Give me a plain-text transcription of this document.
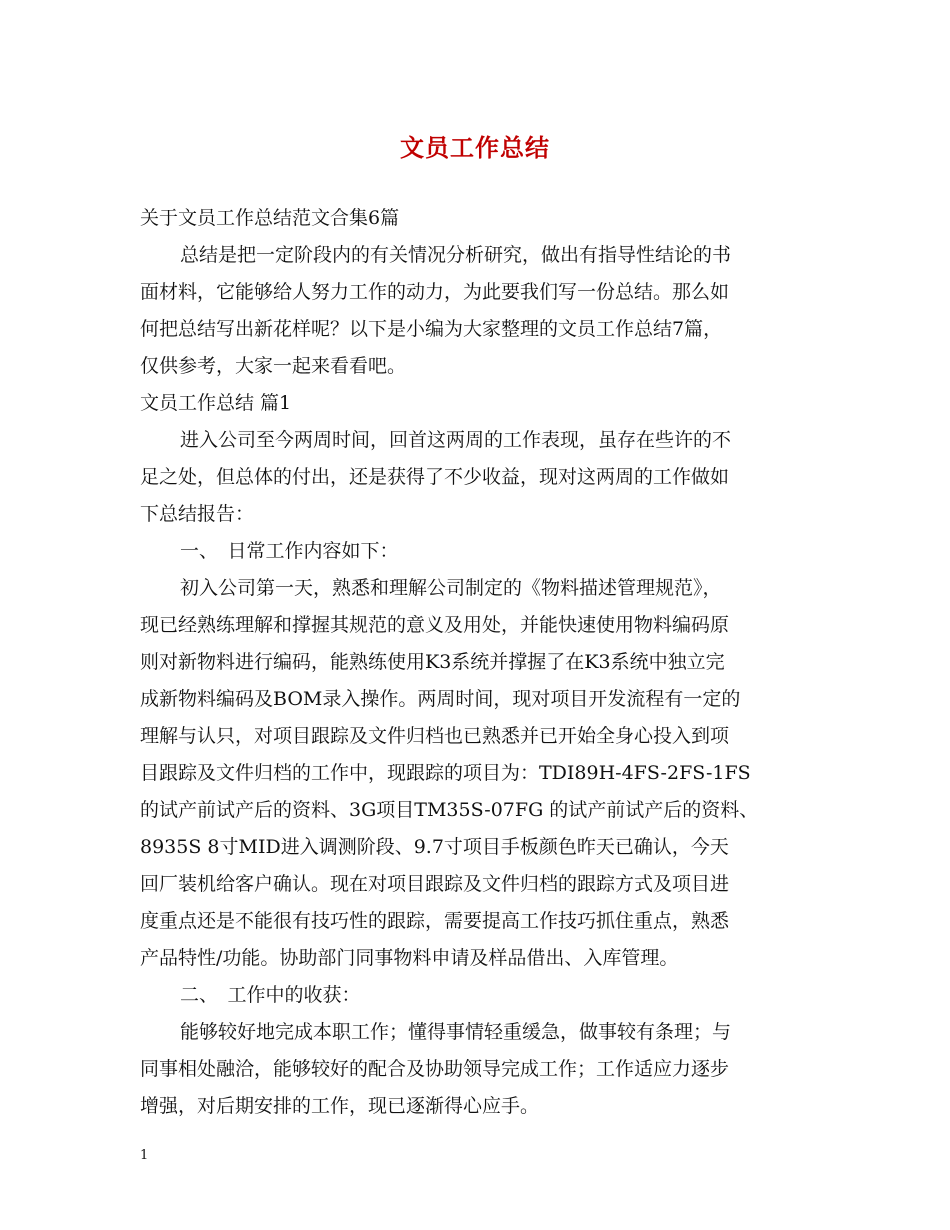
文员工作总结
关于文员工作总结范文合集6篇
总结是把一定阶段内的有关情况分析研究，做出有指导性结论的书
面材料，它能够给人努力工作的动力，为此要我们写一份总结。那么如
何把总结写出新花样呢？以下是小编为大家整理的文员工作总结7篇，
仅供参考，大家一起来看看吧。
文员工作总结 篇1
进入公司至今两周时间，回首这两周的工作表现，虽存在些许的不
足之处，但总体的付出，还是获得了不少收益，现对这两周的工作做如
下总结报告：
一、　日常工作内容如下：
初入公司第一天，熟悉和理解公司制定的《物料描述管理规范》，
现已经熟练理解和撑握其规范的意义及用处，并能快速使用物料编码原
则对新物料进行编码，能熟练使用K3系统并撑握了在K3系统中独立完
成新物料编码及BOM录入操作。两周时间，现对项目开发流程有一定的
理解与认只，对项目跟踪及文件归档也已熟悉并已开始全身心投入到项
目跟踪及文件归档的工作中，现跟踪的项目为：TDI89H-4FS-2FS-1FS
的试产前试产后的资料、3G项目TM35S-07FG 的试产前试产后的资料、
8935S 8寸MID进入调测阶段、9.7寸项目手板颜色昨天已确认，今天
回厂装机给客户确认。现在对项目跟踪及文件归档的跟踪方式及项目进
度重点还是不能很有技巧性的跟踪，需要提高工作技巧抓住重点，熟悉
产品特性/功能。协助部门同事物料申请及样品借出、入库管理。
二、　工作中的收获：
能够较好地完成本职工作；懂得事情轻重缓急，做事较有条理；与
同事相处融洽，能够较好的配合及协助领导完成工作；工作适应力逐步
增强，对后期安排的工作，现已逐渐得心应手。
1
